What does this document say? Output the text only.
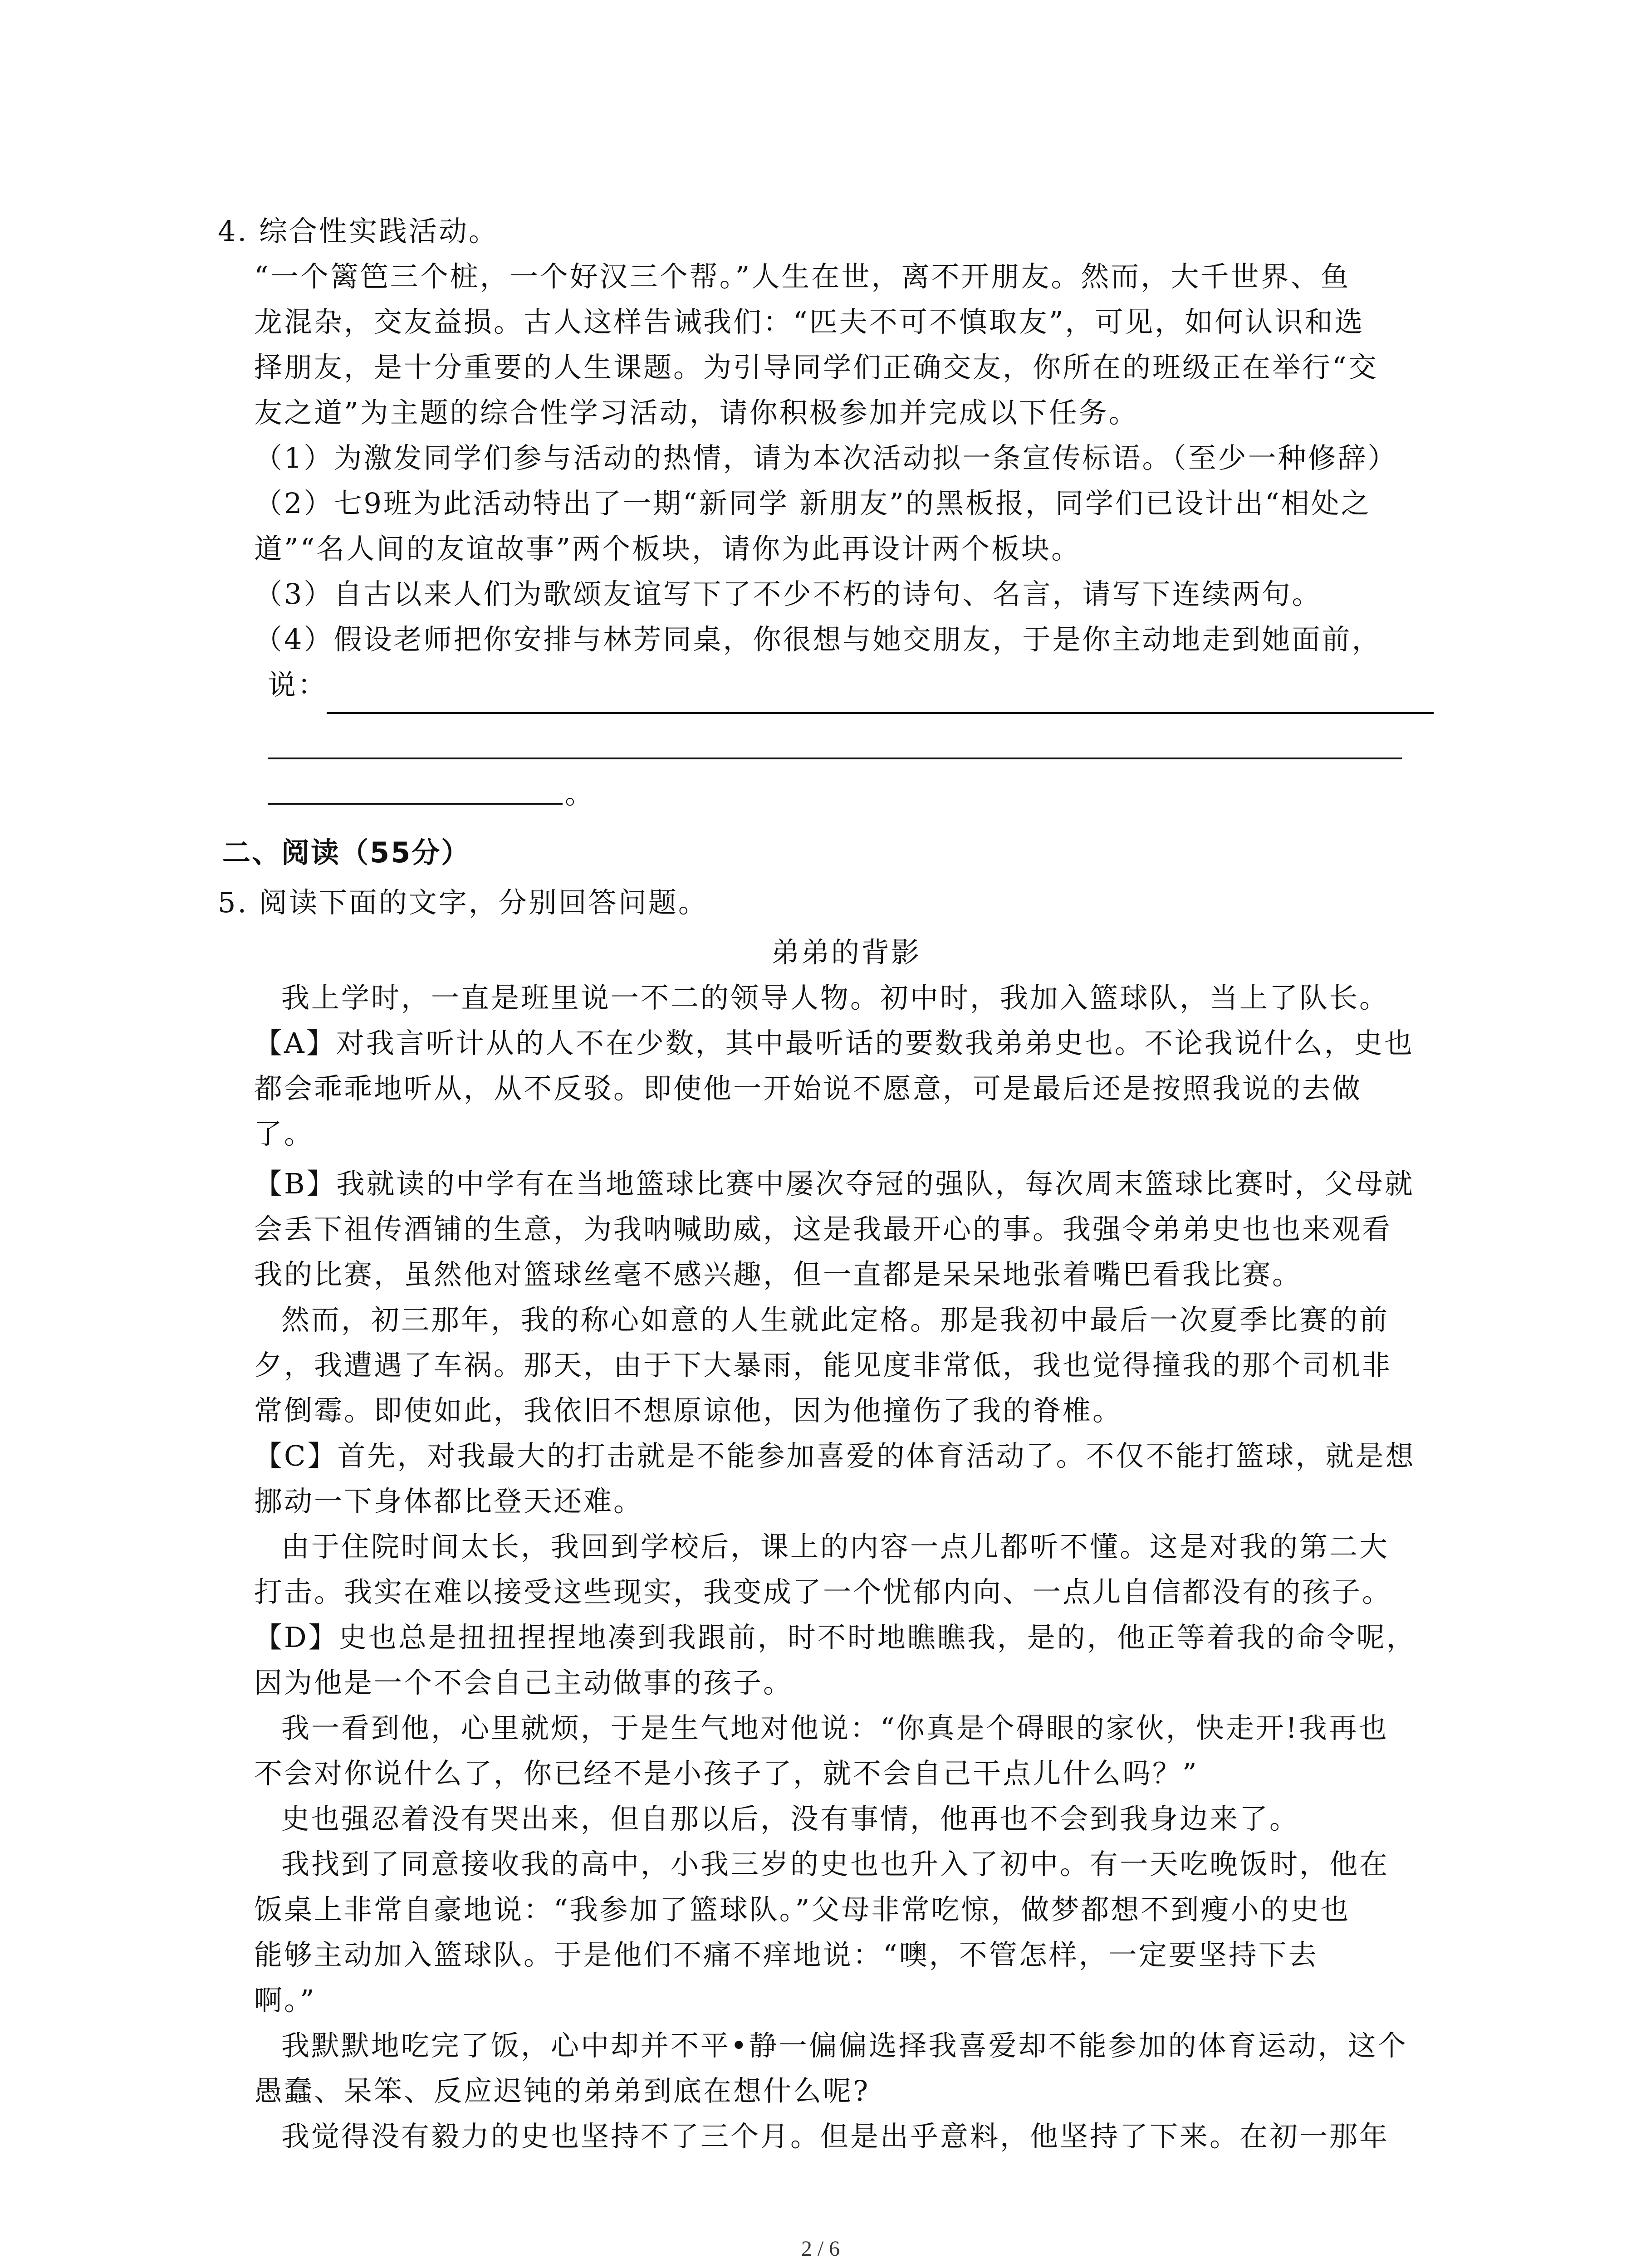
4. 综合性实践活动。
“一个篱笆三个桩，一个好汉三个帮。”人生在世，离不开朋友。然而，大千世界、鱼
龙混杂，交友益损。古人这样告诫我们：“匹夫不可不慎取友”，可见，如何认识和选
择朋友，是十分重要的人生课题。为引导同学们正确交友，你所在的班级正在举行“交
友之道”为主题的综合性学习活动，请你积极参加并完成以下任务。
（1）为激发同学们参与活动的热情，请为本次活动拟一条宣传标语。（至少一种修辞）
（2）七9班为此活动特出了一期“新同学 新朋友”的黑板报，同学们已设计出“相处之
道”“名人间的友谊故事”两个板块，请你为此再设计两个板块。
（3）自古以来人们为歌颂友谊写下了不少不朽的诗句、名言，请写下连续两句。
（4）假设老师把你安排与林芳同桌，你很想与她交朋友，于是你主动地走到她面前，
说：
。
二、阅读（55分）
5. 阅读下面的文字，分别回答问题。
弟弟的背影
我上学时，一直是班里说一不二的领导人物。初中时，我加入篮球队，当上了队长。
【A】对我言听计从的人不在少数，其中最听话的要数我弟弟史也。不论我说什么，史也
都会乖乖地听从，从不反驳。即使他一开始说不愿意，可是最后还是按照我说的去做
了。
【B】我就读的中学有在当地篮球比赛中屡次夺冠的强队，每次周末篮球比赛时，父母就
会丢下祖传酒铺的生意，为我呐喊助威，这是我最开心的事。我强令弟弟史也也来观看
我的比赛，虽然他对篮球丝毫不感兴趣，但一直都是呆呆地张着嘴巴看我比赛。
然而，初三那年，我的称心如意的人生就此定格。那是我初中最后一次夏季比赛的前
夕，我遭遇了车祸。那天，由于下大暴雨，能见度非常低，我也觉得撞我的那个司机非
常倒霉。即使如此，我依旧不想原谅他，因为他撞伤了我的脊椎。
【C】首先，对我最大的打击就是不能参加喜爱的体育活动了。不仅不能打篮球，就是想
挪动一下身体都比登天还难。
由于住院时间太长，我回到学校后，课上的内容一点儿都听不懂。这是对我的第二大
打击。我实在难以接受这些现实，我变成了一个忧郁内向、一点儿自信都没有的孩子。
【D】史也总是扭扭捏捏地凑到我跟前，时不时地瞧瞧我，是的，他正等着我的命令呢，
因为他是一个不会自己主动做事的孩子。
我一看到他，心里就烦，于是生气地对他说：“你真是个碍眼的家伙，快走开!我再也
不会对你说什么了，你已经不是小孩子了，就不会自己干点儿什么吗？”
史也强忍着没有哭出来，但自那以后，没有事情，他再也不会到我身边来了。
我找到了同意接收我的高中，小我三岁的史也也升入了初中。有一天吃晚饭时，他在
饭桌上非常自豪地说：“我参加了篮球队。”父母非常吃惊，做梦都想不到瘦小的史也
能够主动加入篮球队。于是他们不痛不痒地说：“噢，不管怎样，一定要坚持下去
啊。”
我默默地吃完了饭，心中却并不平•静一偏偏选择我喜爱却不能参加的体育运动，这个
愚蠢、呆笨、反应迟钝的弟弟到底在想什么呢?
我觉得没有毅力的史也坚持不了三个月。但是出乎意料，他坚持了下来。在初一那年
2 / 6
